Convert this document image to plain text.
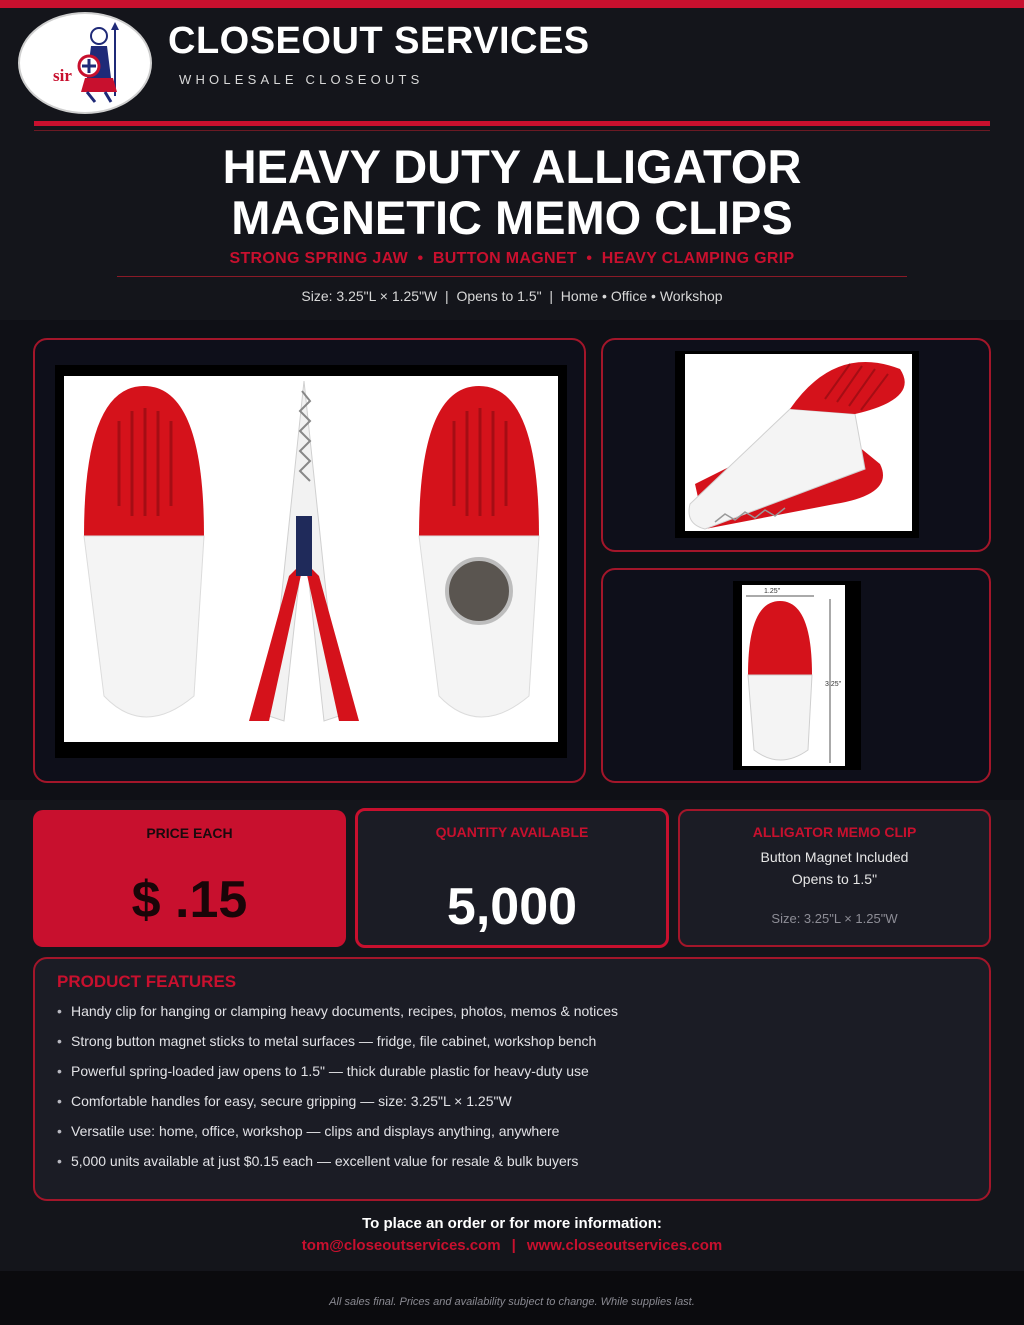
sir
CLOSEOUT SERVICES
WHOLESALE CLOSEOUTS
HEAVY DUTY ALLIGATOR
MAGNETIC MEMO CLIPS
STRONG SPRING JAW  •  BUTTON MAGNET  •  HEAVY CLAMPING GRIP
Size: 3.25"L × 1.25"W  |  Opens to 1.5"  |  Home • Office • Workshop
1.25"
3.25"
PRICE EACH
$ .15
QUANTITY AVAILABLE
5,000
ALLIGATOR MEMO CLIP
Button Magnet Included
Opens to 1.5"
Size: 3.25"L × 1.25"W
PRODUCT FEATURES
• Handy clip for hanging or clamping heavy documents, recipes, photos, memos & notices
• Strong button magnet sticks to metal surfaces — fridge, file cabinet, workshop bench
• Powerful spring-loaded jaw opens to 1.5" — thick durable plastic for heavy-duty use
• Comfortable handles for easy, secure gripping — size: 3.25"L × 1.25"W
• Versatile use: home, office, workshop — clips and displays anything, anywhere
• 5,000 units available at just $0.15 each — excellent value for resale & bulk buyers
To place an order or for more information:
tom@closeoutservices.com | www.closeoutservices.com
All sales final. Prices and availability subject to change. While supplies last.
